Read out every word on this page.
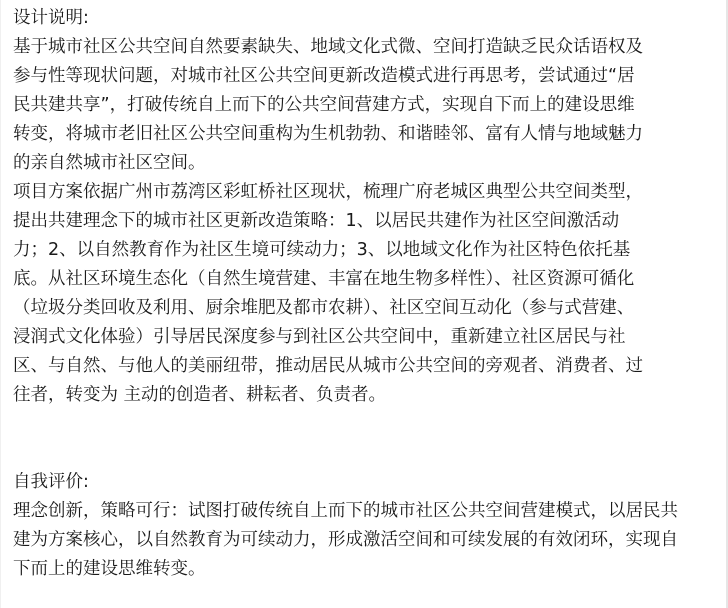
设计说明:
基于城市社区公共空间自然要素缺失、地域文化式微、空间打造缺乏民众话语权及
参与性等现状问题，对城市社区公共空间更新改造模式进行再思考，尝试通过“居
民共建共享”，打破传统自上而下的公共空间营建方式，实现自下而上的建设思维
转变，将城市老旧社区公共空间重构为生机勃勃、和谐睦邻、富有人情与地域魅力
的亲自然城市社区空间。
项目方案依据广州市荔湾区彩虹桥社区现状，梳理广府老城区典型公共空间类型，
提出共建理念下的城市社区更新改造策略：1、以居民共建作为社区空间激活动
力；2、以自然教育作为社区生境可续动力；3、以地域文化作为社区特色依托基
底。从社区环境生态化（自然生境营建、丰富在地生物多样性）、社区资源可循化
（垃圾分类回收及利用、厨余堆肥及都市农耕）、社区空间互动化（参与式营建、
浸润式文化体验）引导居民深度参与到社区公共空间中，重新建立社区居民与社
区、与自然、与他人的美丽纽带，推动居民从城市公共空间的旁观者、消费者、过
往者，转变为 主动的创造者、耕耘者、负责者。
自我评价:
理念创新，策略可行：试图打破传统自上而下的城市社区公共空间营建模式，以居民共
建为方案核心，以自然教育为可续动力，形成激活空间和可续发展的有效闭环，实现自
下而上的建设思维转变。
